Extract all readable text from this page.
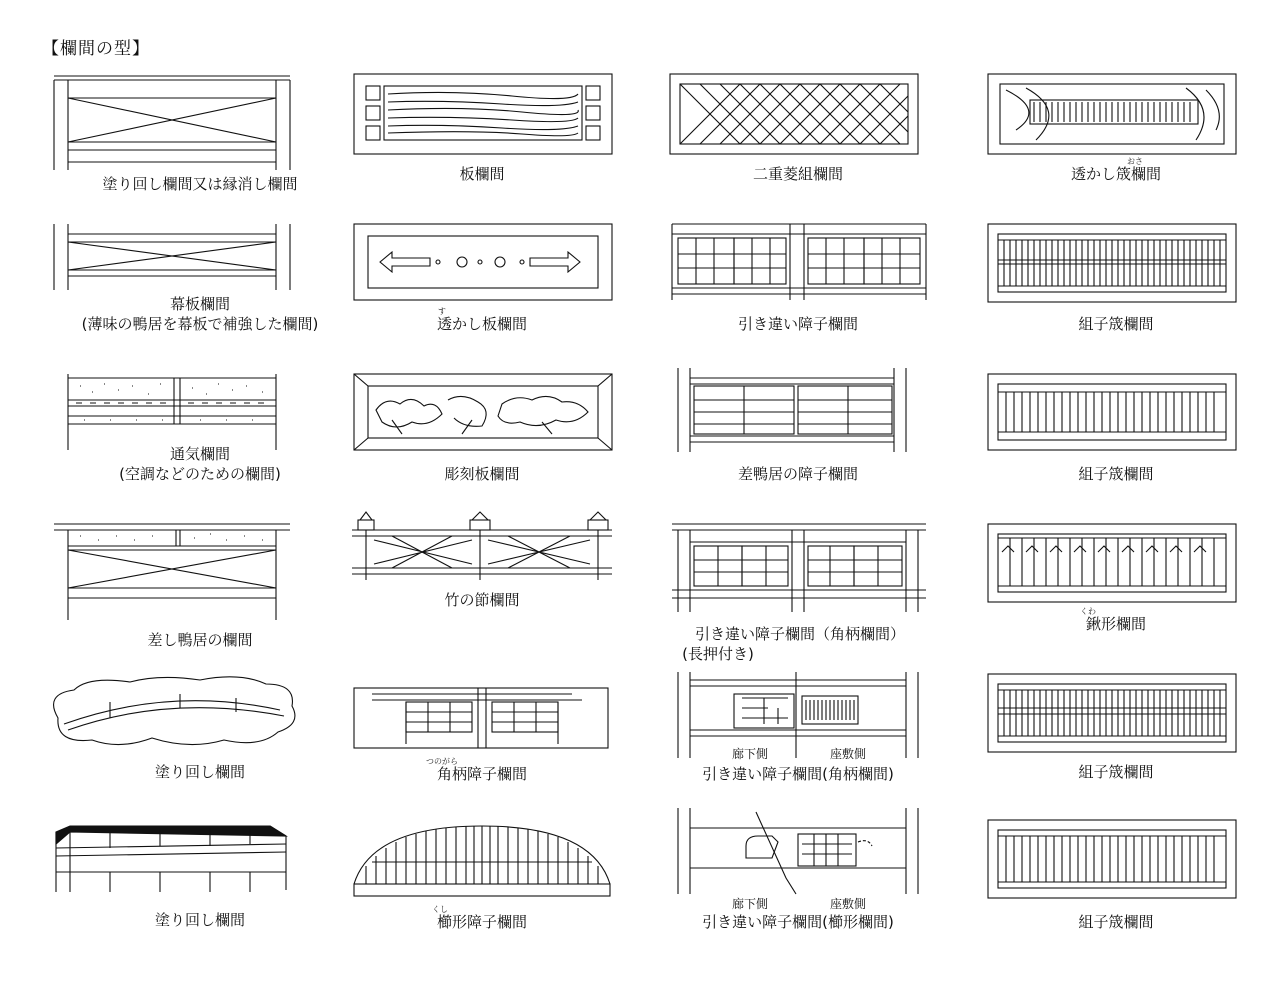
【欄間の型】
塗り回し欄間又は縁消し欄間
板欄間	二重菱組欄間
おさ
透かし筬欄間
幕板欄間
(薄味の鴨居を幕板で補強した欄間)
す
透かし板欄間	引き違い障子欄間	組子筬欄間
通気欄間
(空調などのための欄間)	彫刻板欄間	差鴨居の障子欄間	組子筬欄間
差し鴨居の欄間
竹の節欄間
引き違い障子欄間（角柄欄間）
(長押付き)
くわ
鍬形欄間
塗り回し欄間
つのがら
角柄障子欄間
廊下側	座敷側
引き違い障子欄間(角柄欄間)	組子筬欄間
塗り回し欄間
くし
櫛形障子欄間
廊下側	座敷側
引き違い障子欄間(櫛形欄間)	組子筬欄間
